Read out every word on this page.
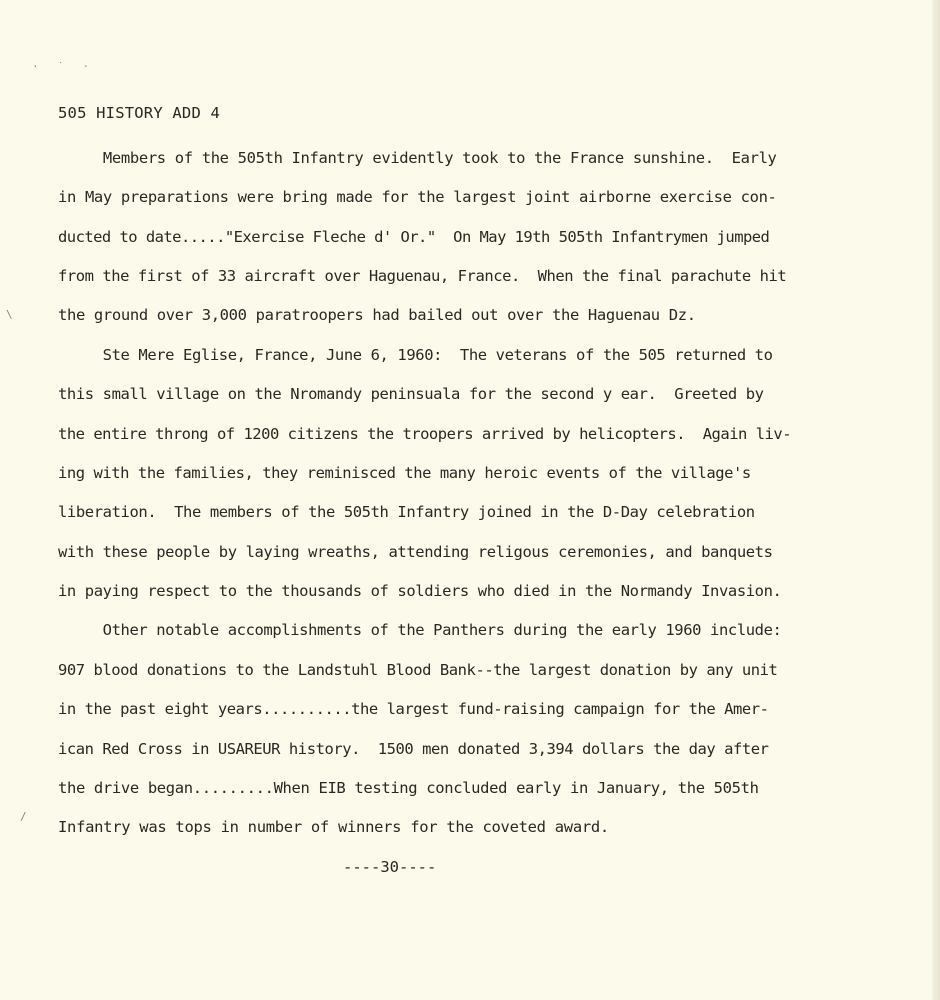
· ˙ ·
\
/
505 HISTORY ADD 4
Members of the 505th Infantry evidently took to the France sunshine.  Early
in May preparations were bring made for the largest joint airborne exercise con-
ducted to date....."Exercise Fleche d' Or."  On May 19th 505th Infantrymen jumped
from the first of 33 aircraft over Haguenau, France.  When the final parachute hit
the ground over 3,000 paratroopers had bailed out over the Haguenau Dz.
Ste Mere Eglise, France, June 6, 1960:  The veterans of the 505 returned to
this small village on the Nromandy peninsuala for the second y ear.  Greeted by
the entire throng of 1200 citizens the troopers arrived by helicopters.  Again liv-
ing with the families, they reminisced the many heroic events of the village's
liberation.  The members of the 505th Infantry joined in the D-Day celebration
with these people by laying wreaths, attending religous ceremonies, and banquets
in paying respect to the thousands of soldiers who died in the Normandy Invasion.
Other notable accomplishments of the Panthers during the early 1960 include:
907 blood donations to the Landstuhl Blood Bank--the largest donation by any unit
in the past eight years..........the largest fund-raising campaign for the Amer-
ican Red Cross in USAREUR history.  1500 men donated 3,394 dollars the day after
the drive began.........When EIB testing concluded early in January, the 505th
Infantry was tops in number of winners for the coveted award.
----30----
